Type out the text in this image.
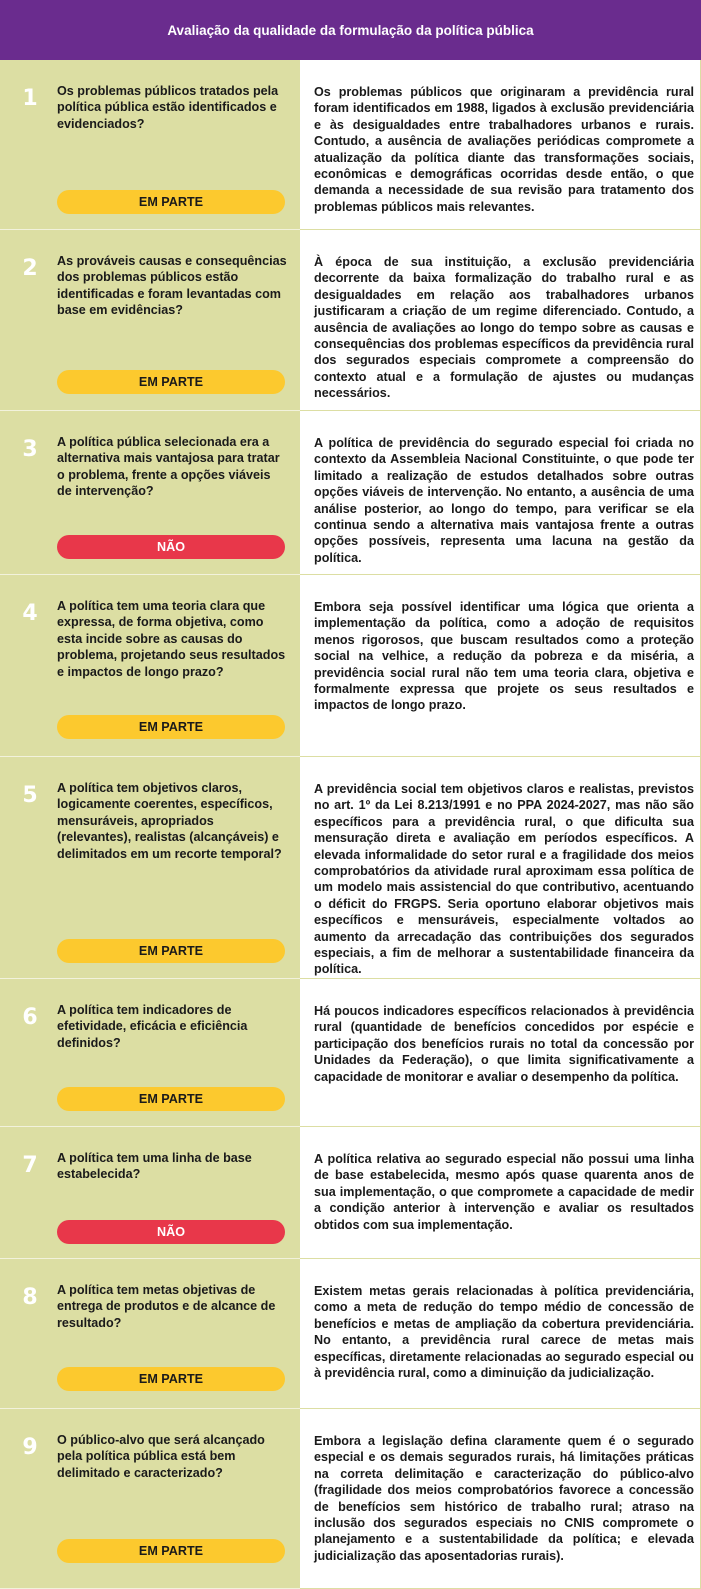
Avaliação da qualidade da formulação da política pública
1 Os problemas públicos tratados pela política pública estão identificados e evidenciados?
EM PARTE
Os problemas públicos que originaram a previdência rural foram identificados em 1988, ligados à exclusão previdenciária e às desigualdades entre trabalhadores urbanos e rurais. Contudo, a ausência de avaliações periódicas compromete a atualização da política diante das transformações sociais, econômicas e demográficas ocorridas desde então, o que demanda a necessidade de sua revisão para tratamento dos problemas públicos mais relevantes.
2 As prováveis causas e consequências dos problemas públicos estão identificadas e foram levantadas com base em evidências?
EM PARTE
À época de sua instituição, a exclusão previdenciária decorrente da baixa formalização do trabalho rural e as desigualdades em relação aos trabalhadores urbanos justificaram a criação de um regime diferenciado. Contudo, a ausência de avaliações ao longo do tempo sobre as causas e consequências dos problemas específicos da previdência rural dos segurados especiais compromete a compreensão do contexto atual e a formulação de ajustes ou mudanças necessários.
3 A política pública selecionada era a alternativa mais vantajosa para tratar o problema, frente a opções viáveis de intervenção?
NÃO
A política de previdência do segurado especial foi criada no contexto da Assembleia Nacional Constituinte, o que pode ter limitado a realização de estudos detalhados sobre outras opções viáveis de intervenção. No entanto, a ausência de uma análise posterior, ao longo do tempo, para verificar se ela continua sendo a alternativa mais vantajosa frente a outras opções possíveis, representa uma lacuna na gestão da política.
4 A política tem uma teoria clara que expressa, de forma objetiva, como esta incide sobre as causas do problema, projetando seus resultados e impactos de longo prazo?
EM PARTE
Embora seja possível identificar uma lógica que orienta a implementação da política, como a adoção de requisitos menos rigorosos, que buscam resultados como a proteção social na velhice, a redução da pobreza e da miséria, a previdência social rural não tem uma teoria clara, objetiva e formalmente expressa que projete os seus resultados e impactos de longo prazo.
5 A política tem objetivos claros, logicamente coerentes, específicos, mensuráveis, apropriados (relevantes), realistas (alcançáveis) e delimitados em um recorte temporal?
EM PARTE
A previdência social tem objetivos claros e realistas, previstos no art. 1º da Lei 8.213/1991 e no PPA 2024-2027, mas não são específicos para a previdência rural, o que dificulta sua mensuração direta e avaliação em períodos específicos. A elevada informalidade do setor rural e a fragilidade dos meios comprobatórios da atividade rural aproximam essa política de um modelo mais assistencial do que contributivo, acentuando o déficit do FRGPS. Seria oportuno elaborar objetivos mais específicos e mensuráveis, especialmente voltados ao aumento da arrecadação das contribuições dos segurados especiais, a fim de melhorar a sustentabilidade financeira da política.
6 A política tem indicadores de efetividade, eficácia e eficiência definidos?
EM PARTE
Há poucos indicadores específicos relacionados à previdência rural (quantidade de benefícios concedidos por espécie e participação dos benefícios rurais no total da concessão por Unidades da Federação), o que limita significativamente a capacidade de monitorar e avaliar o desempenho da política.
7 A política tem uma linha de base estabelecida?
NÃO
A política relativa ao segurado especial não possui uma linha de base estabelecida, mesmo após quase quarenta anos de sua implementação, o que compromete a capacidade de medir a condição anterior à intervenção e avaliar os resultados obtidos com sua implementação.
8 A política tem metas objetivas de entrega de produtos e de alcance de resultado?
EM PARTE
Existem metas gerais relacionadas à política previdenciária, como a meta de redução do tempo médio de concessão de benefícios e metas de ampliação da cobertura previdenciária. No entanto, a previdência rural carece de metas mais específicas, diretamente relacionadas ao segurado especial ou à previdência rural, como a diminuição da judicialização.
9 O público-alvo que será alcançado pela política pública está bem delimitado e caracterizado?
EM PARTE
Embora a legislação defina claramente quem é o segurado especial e os demais segurados rurais, há limitações práticas na correta delimitação e caracterização do público-alvo (fragilidade dos meios comprobatórios favorece a concessão de benefícios sem histórico de trabalho rural; atraso na inclusão dos segurados especiais no CNIS compromete o planejamento e a sustentabilidade da política; e elevada judicialização das aposentadorias rurais).
